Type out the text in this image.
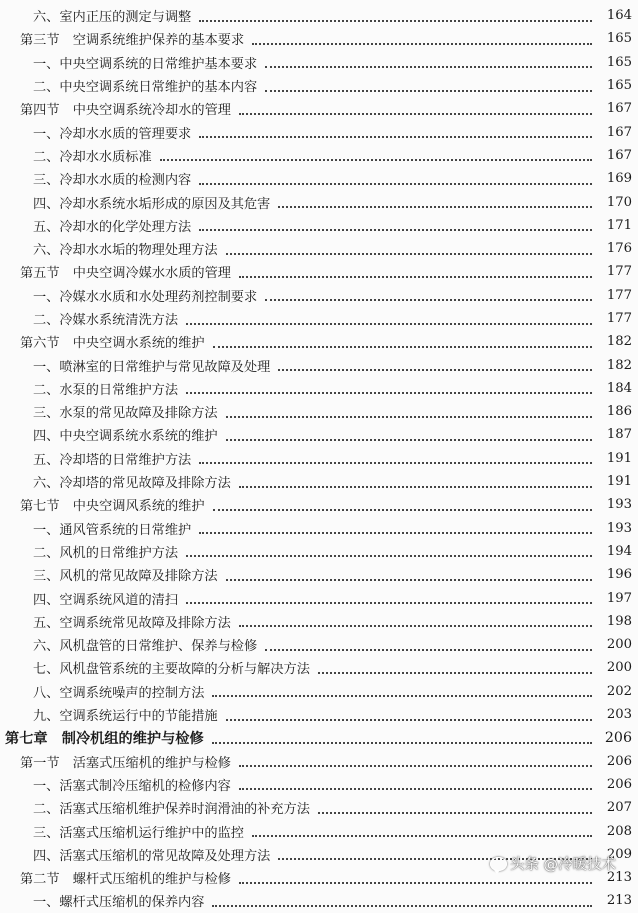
六、室内正压的测定与调整	164
第三节　空调系统维护保养的基本要求	165
一、中央空调系统的日常维护基本要求	165
二、中央空调系统日常维护的基本内容	165
第四节　中央空调系统冷却水的管理	167
一、冷却水水质的管理要求	167
二、冷却水水质标准	167
三、冷却水水质的检测内容	169
四、冷却水系统水垢形成的原因及其危害	170
五、冷却水的化学处理方法	171
六、冷却水水垢的物理处理方法	176
第五节　中央空调冷媒水水质的管理	177
一、冷媒水水质和水处理药剂控制要求	177
二、冷媒水系统清洗方法	177
第六节　中央空调水系统的维护	182
一、喷淋室的日常维护与常见故障及处理	182
二、水泵的日常维护方法	184
三、水泵的常见故障及排除方法	186
四、中央空调系统水系统的维护	187
五、冷却塔的日常维护方法	191
六、冷却塔的常见故障及排除方法	191
第七节　中央空调风系统的维护	193
一、通风管系统的日常维护	193
二、风机的日常维护方法	194
三、风机的常见故障及排除方法	196
四、空调系统风道的清扫	197
五、空调系统常见故障及排除方法	198
六、风机盘管的日常维护、保养与检修	200
七、风机盘管系统的主要故障的分析与解决方法	200
八、空调系统噪声的控制方法	202
九、空调系统运行中的节能措施	203
第七章　制冷机组的维护与检修	206
第一节　活塞式压缩机的维护与检修	206
一、活塞式制冷压缩机的检修内容	206
二、活塞式压缩机维护保养时润滑油的补充方法	207
三、活塞式压缩机运行维护中的监控	208
四、活塞式压缩机的常见故障及处理方法	209
第二节　螺杆式压缩机的维护与检修	213
一、螺杆式压缩机的保养内容	213
头条 @冷暖技术
